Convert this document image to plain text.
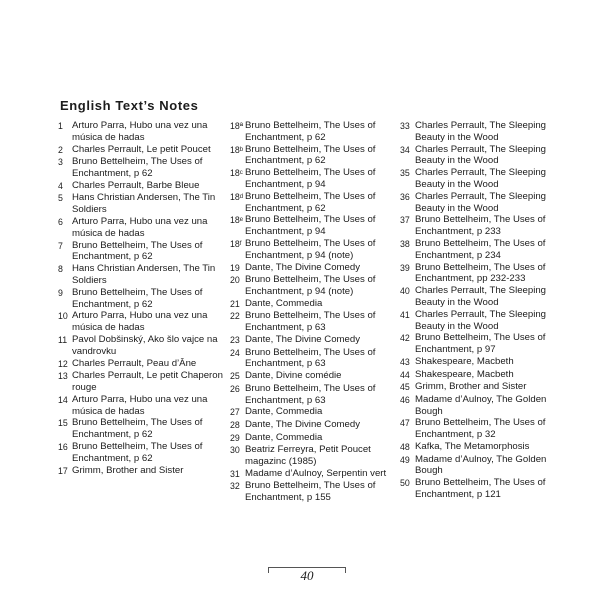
English Text’s Notes
1 Arturo Parra, Hubo una vez una música de hadas
2 Charles Perrault, Le petit Poucet
3 Bruno Bettelheim, The Uses of Enchantment, p 62
4 Charles Perrault, Barbe Bleue
5 Hans Christian Andersen, The Tin Soldiers
6 Arturo Parra, Hubo una vez una música de hadas
7 Bruno Bettelheim, The Uses of Enchantment, p 62
8 Hans Christian Andersen, The Tin Soldiers
9 Bruno Bettelheim, The Uses of Enchantment, p 62
10 Arturo Parra, Hubo una vez una música de hadas
11 Pavol Dobšinský, Ako šlo vajce na vandrovku
12 Charles Perrault, Peau d’Âne
13 Charles Perrault, Le petit Chaperon rouge
14 Arturo Parra, Hubo una vez una música de hadas
15 Bruno Bettelheim, The Uses of Enchantment, p 62
16 Bruno Bettelheim, The Uses of Enchantment, p 62
17 Grimm, Brother and Sister
18ª Bruno Bettelheim, The Uses of Enchantment, p 62
18ᵇ Bruno Bettelheim, The Uses of Enchantment, p 62
18ᶜ Bruno Bettelheim, The Uses of Enchantment, p 94
18ᵈ Bruno Bettelheim, The Uses of Enchantment, p 62
18ᵉ Bruno Bettelheim, The Uses of Enchantment, p 94
18ᶠ Bruno Bettelheim, The Uses of Enchantment, p 94 (note)
19 Dante, The Divine Comedy
20 Bruno Bettelheim, The Uses of Enchantment, p 94 (note)
21 Dante, Commedia
22 Bruno Bettelheim, The Uses of Enchantment, p 63
23 Dante, The Divine Comedy
24 Bruno Bettelheim, The Uses of Enchantment, p 63
25 Dante, Divine comédie
26 Bruno Bettelheim, The Uses of Enchantment, p 63
27 Dante, Commedia
28 Dante, The Divine Comedy
29 Dante, Commedia
30 Beatriz Ferreyra, Petit Poucet magazinc (1985)
31 Madame d’Aulnoy, Serpentin vert
32 Bruno Bettelheim, The Uses of Enchantment, p 155
33 Charles Perrault, The Sleeping Beauty in the Wood
34 Charles Perrault, The Sleeping Beauty in the Wood
35 Charles Perrault, The Sleeping Beauty in the Wood
36 Charles Perrault, The Sleeping Beauty in the Wood
37 Bruno Bettelheim, The Uses of Enchantment, p 233
38 Bruno Bettelheim, The Uses of Enchantment, p 234
39 Bruno Bettelheim, The Uses of Enchantment, pp 232-233
40 Charles Perrault, The Sleeping Beauty in the Wood
41 Charles Perrault, The Sleeping Beauty in the Wood
42 Bruno Bettelheim, The Uses of Enchantment, p 97
43 Shakespeare, Macbeth
44 Shakespeare, Macbeth
45 Grimm, Brother and Sister
46 Madame d’Aulnoy, The Golden Bough
47 Bruno Bettelheim, The Uses of Enchantment, p 32
48 Kafka, The Metamorphosis
49 Madame d’Aulnoy, The Golden Bough
50 Bruno Bettelheim, The Uses of Enchantment, p 121
40
